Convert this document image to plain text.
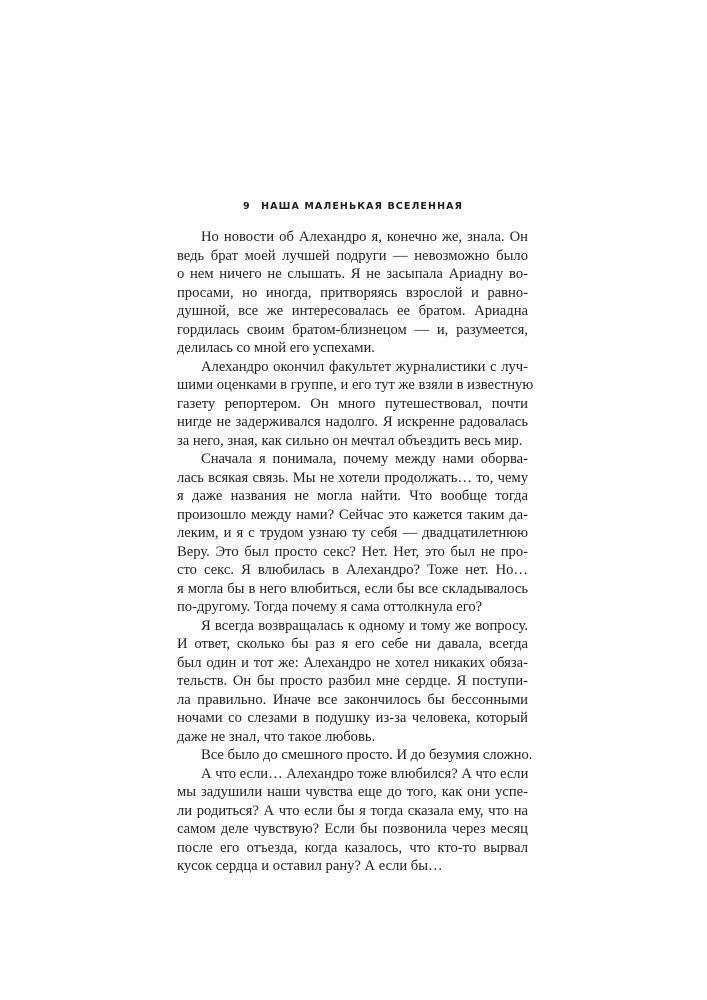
9 НАША МАЛЕНЬКАЯ ВСЕЛЕННАЯ
Но новости об Алехандро я, конечно же, знала. Он
ведь брат моей лучшей подруги — невозможно было
о нем ничего не слышать. Я не засыпала Ариадну во-
просами, но иногда, притворяясь взрослой и равно-
душной, все же интересовалась ее братом. Ариадна
гордилась своим братом-близнецом — и, разумеется,
делилась со мной его успехами.
Алехандро окончил факультет журналистики с луч-
шими оценками в группе, и его тут же взяли в известную
газету репортером. Он много путешествовал, почти
нигде не задерживался надолго. Я искренне радовалась
за него, зная, как сильно он мечтал объездить весь мир.
Сначала я понимала, почему между нами оборва-
лась всякая связь. Мы не хотели продолжать… то, чему
я даже названия не могла найти. Что вообще тогда
произошло между нами? Сейчас это кажется таким да-
леким, и я с трудом узнаю ту себя — двадцатилетнюю
Веру. Это был просто секс? Нет. Нет, это был не про-
сто секс. Я влюбилась в Алехандро? Тоже нет. Но…
я могла бы в него влюбиться, если бы все складывалось
по-другому. Тогда почему я сама оттолкнула его?
Я всегда возвращалась к одному и тому же вопросу.
И ответ, сколько бы раз я его себе ни давала, всегда
был один и тот же: Алехандро не хотел никаких обяза-
тельств. Он бы просто разбил мне сердце. Я поступи-
ла правильно. Иначе все закончилось бы бессонными
ночами со слезами в подушку из-за человека, который
даже не знал, что такое любовь.
Все было до смешного просто. И до безумия сложно.
А что если… Алехандро тоже влюбился? А что если
мы задушили наши чувства еще до того, как они успе-
ли родиться? А что если бы я тогда сказала ему, что на
самом деле чувствую? Если бы позвонила через месяц
после его отъезда, когда казалось, что кто-то вырвал
кусок сердца и оставил рану? А если бы…
